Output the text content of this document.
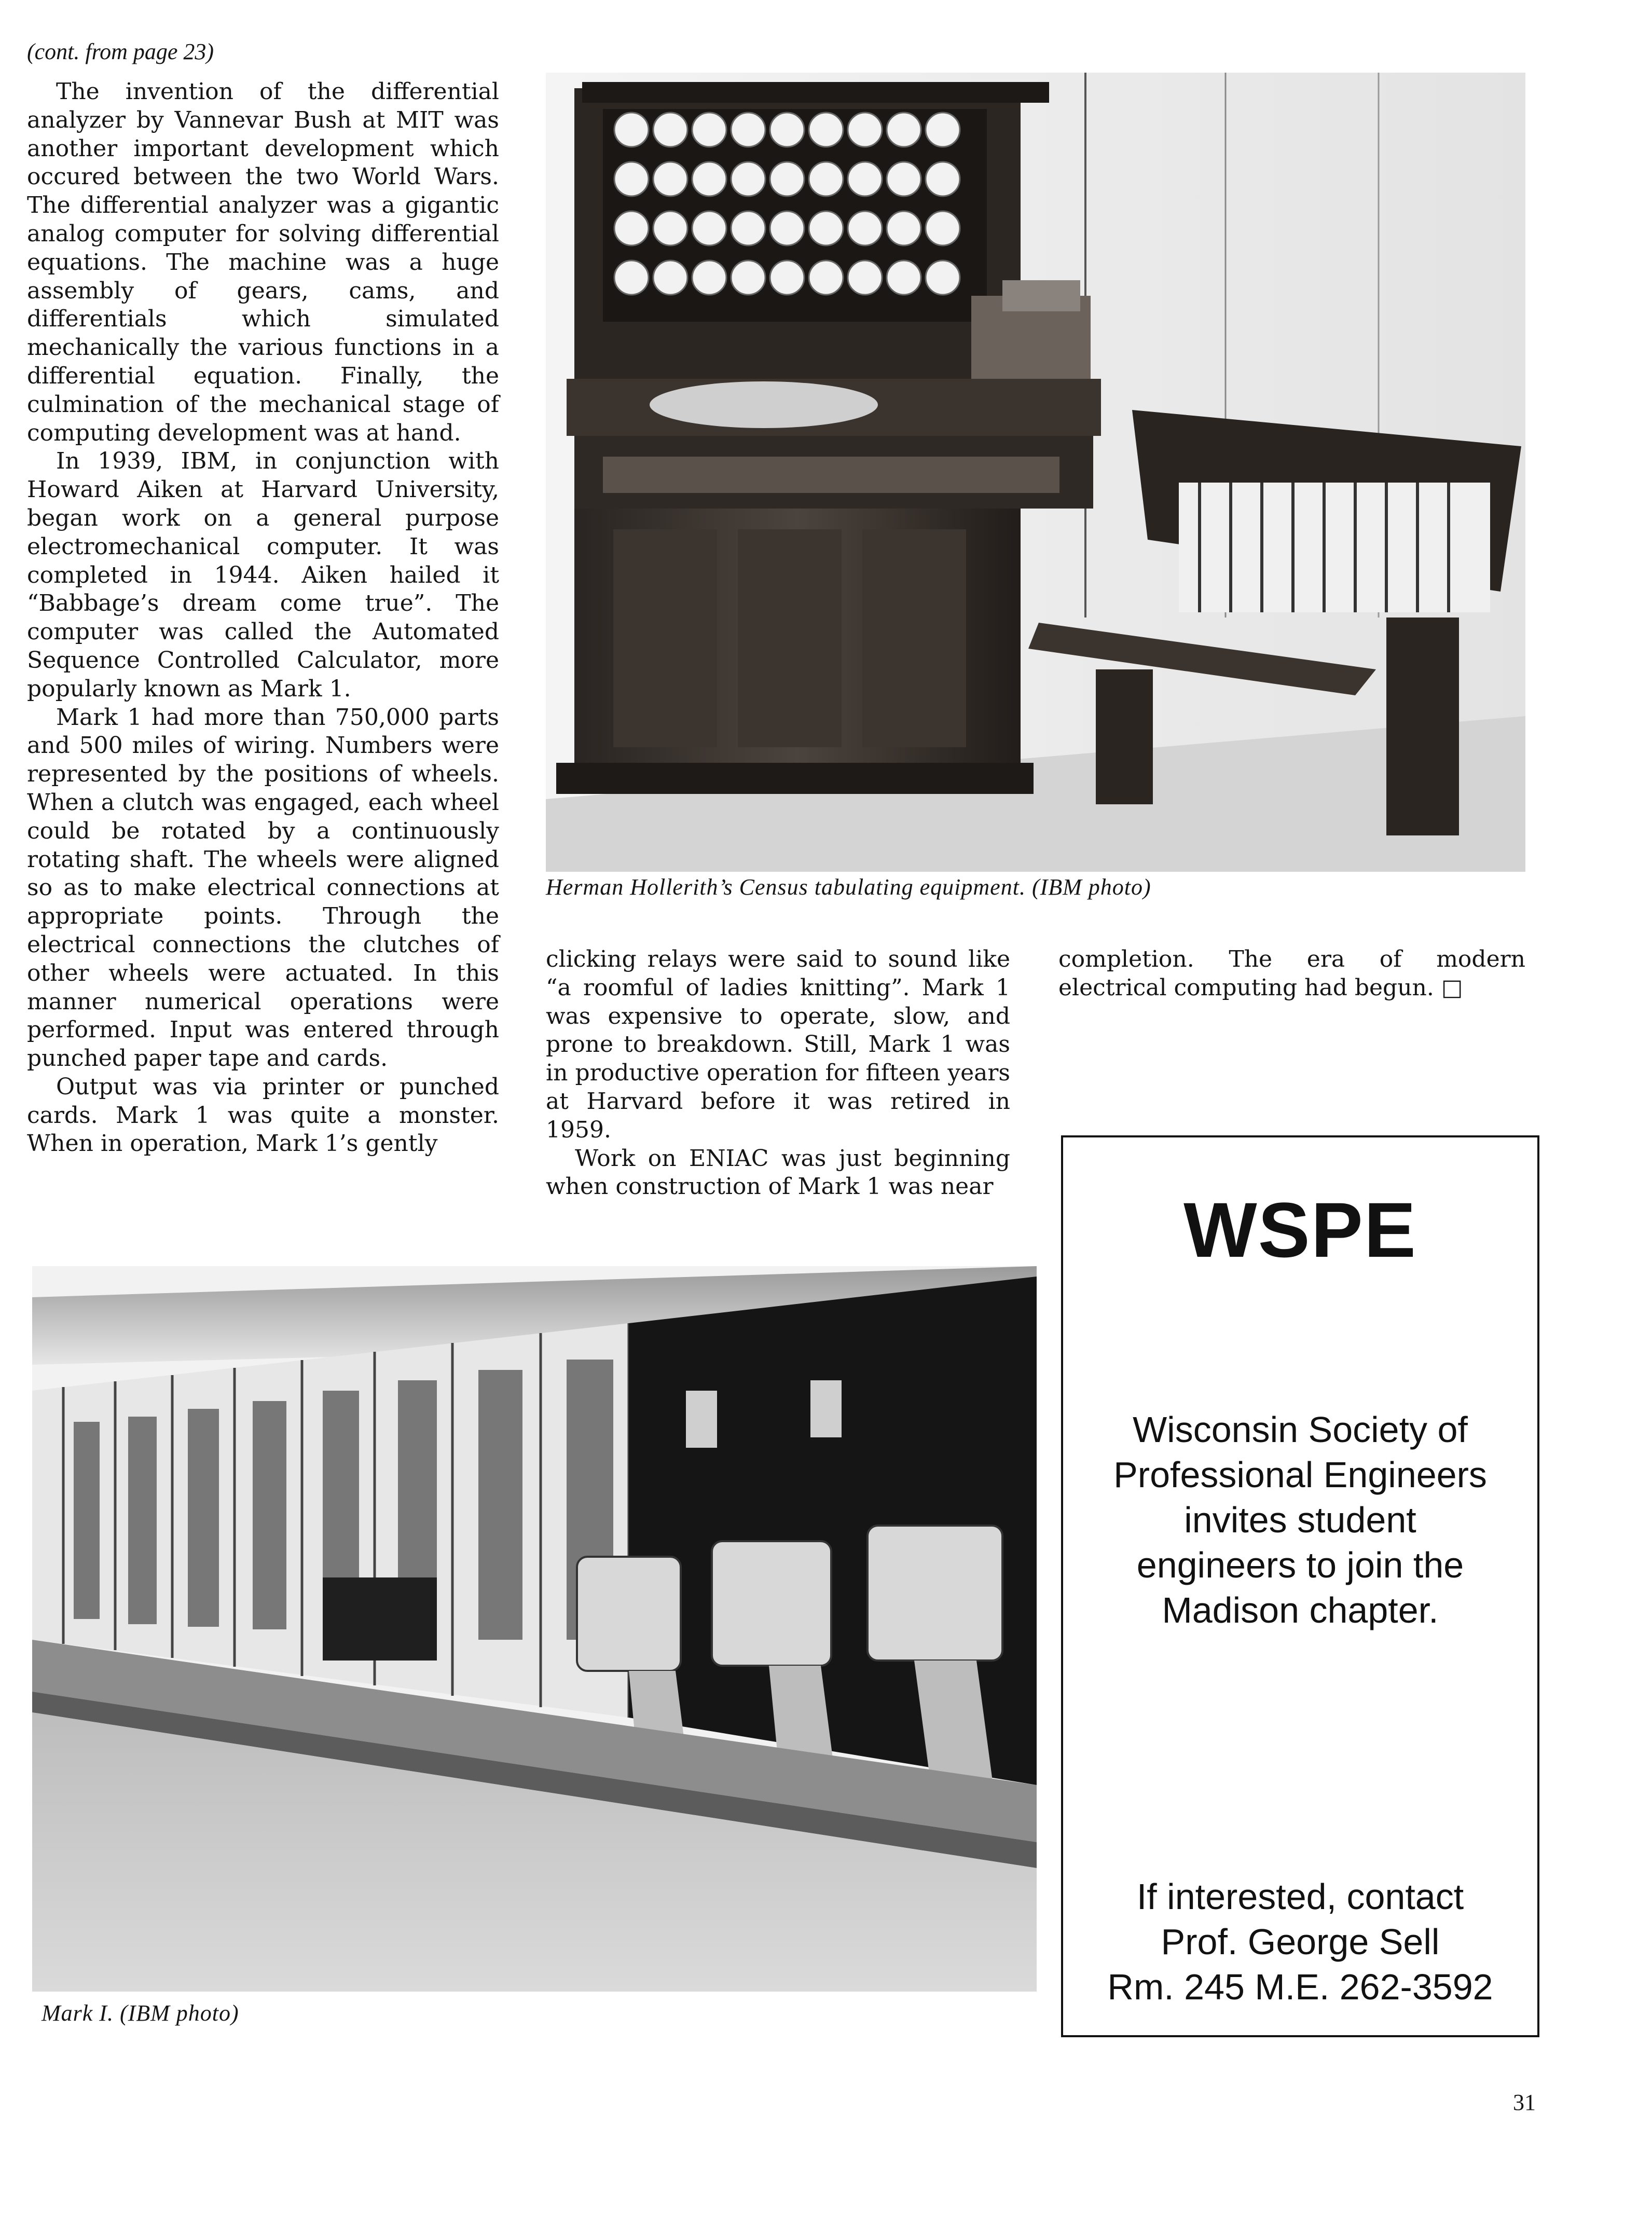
(cont. from page 23)

The invention of the differential analyzer by Vannevar Bush at MIT was another important development which occured between the two World Wars. The differential analyzer was a gigantic analog computer for solving differential equations. The machine was a huge assembly of gears, cams, and differentials which simulated mechanically the various functions in a differential equation. Finally, the culmination of the mechanical stage of computing development was at hand.

In 1939, IBM, in conjunction with Howard Aiken at Harvard University, began work on a general purpose electromechanical computer. It was completed in 1944. Aiken hailed it “Babbage’s dream come true”. The computer was called the Automated Sequence Controlled Calculator, more popularly known as Mark 1.

Mark 1 had more than 750,000 parts and 500 miles of wiring. Numbers were represented by the positions of wheels. When a clutch was engaged, each wheel could be rotated by a continuously rotating shaft. The wheels were aligned so as to make electrical connections at appropriate points. Through the electrical connections the clutches of other wheels were actuated. In this manner numerical operations were performed. Input was entered through punched paper tape and cards.

Output was via printer or punched cards. Mark 1 was quite a monster. When in operation, Mark 1’s gently

Herman Hollerith’s Census tabulating equipment. (IBM photo)

clicking relays were said to sound like “a roomful of ladies knitting”. Mark 1 was expensive to operate, slow, and prone to breakdown. Still, Mark 1 was in productive operation for fifteen years at Harvard before it was retired in 1959.

Work on ENIAC was just beginning when construction of Mark 1 was near

completion. The era of modern electrical computing had begun. □

Mark I. (IBM photo)
WSPE
Wisconsin Society of
Professional Engineers
invites student
engineers to join the
Madison chapter.
If interested, contact
Prof. George Sell
Rm. 245 M.E. 262-3592
31
